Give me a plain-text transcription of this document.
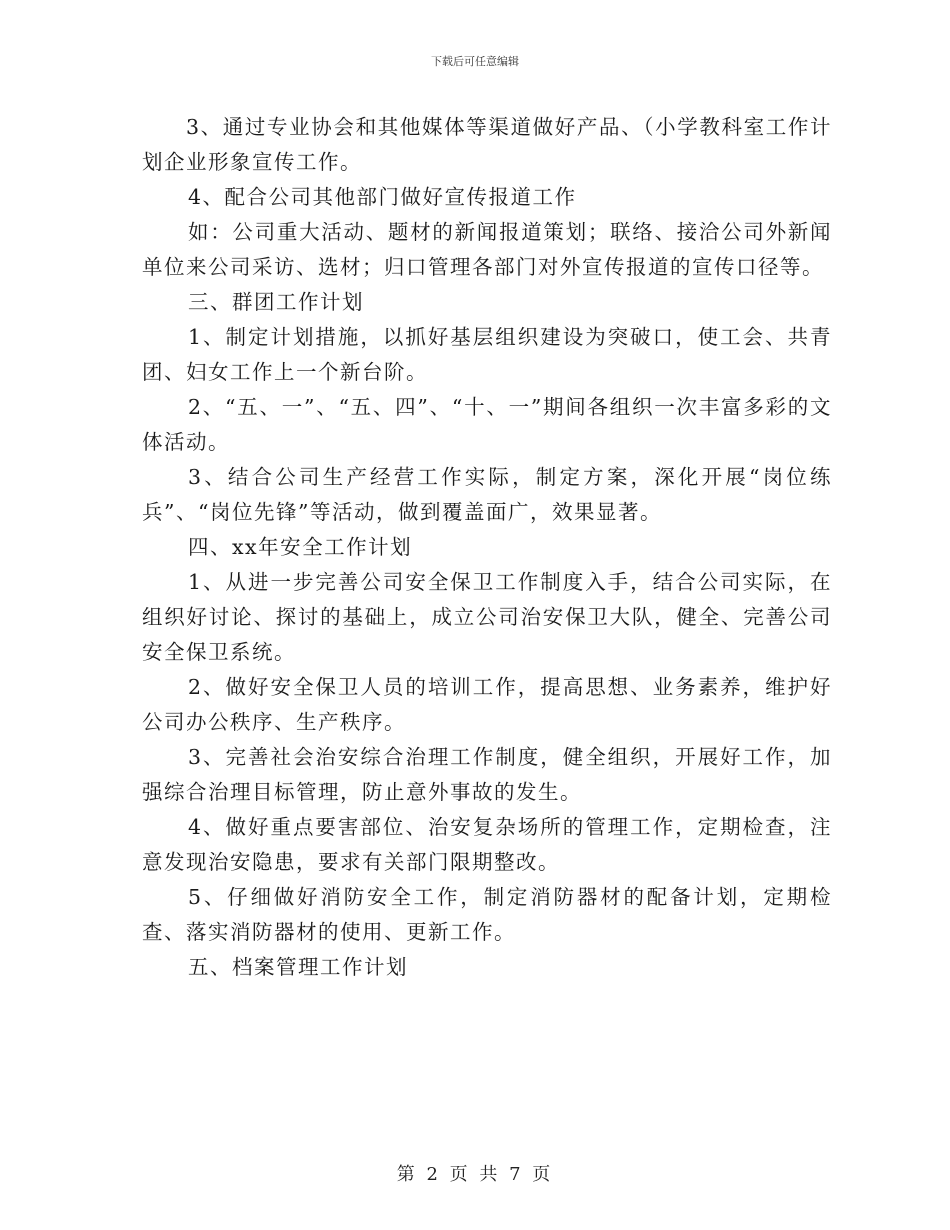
下载后可任意编辑

3、通过专业协会和其他媒体等渠道做好产品、（小学教科室工作计划企业形象宣传工作。

4、配合公司其他部门做好宣传报道工作

如：公司重大活动、题材的新闻报道策划；联络、接洽公司外新闻单位来公司采访、选材；归口管理各部门对外宣传报道的宣传口径等。

三、群团工作计划

1、制定计划措施，以抓好基层组织建设为突破口，使工会、共青团、妇女工作上一个新台阶。

2、“五、一”、“五、四”、“十、一”期间各组织一次丰富多彩的文体活动。

3、结合公司生产经营工作实际，制定方案，深化开展“岗位练兵”、“岗位先锋”等活动，做到覆盖面广，效果显著。

四、xx年安全工作计划

1、从进一步完善公司安全保卫工作制度入手，结合公司实际，在组织好讨论、探讨的基础上，成立公司治安保卫大队，健全、完善公司安全保卫系统。

2、做好安全保卫人员的培训工作，提高思想、业务素养，维护好公司办公秩序、生产秩序。

3、完善社会治安综合治理工作制度，健全组织，开展好工作，加强综合治理目标管理，防止意外事故的发生。

4、做好重点要害部位、治安复杂场所的管理工作，定期检查，注意发现治安隐患，要求有关部门限期整改。

5、仔细做好消防安全工作，制定消防器材的配备计划，定期检查、落实消防器材的使用、更新工作。

五、档案管理工作计划

第 2 页 共 7 页
